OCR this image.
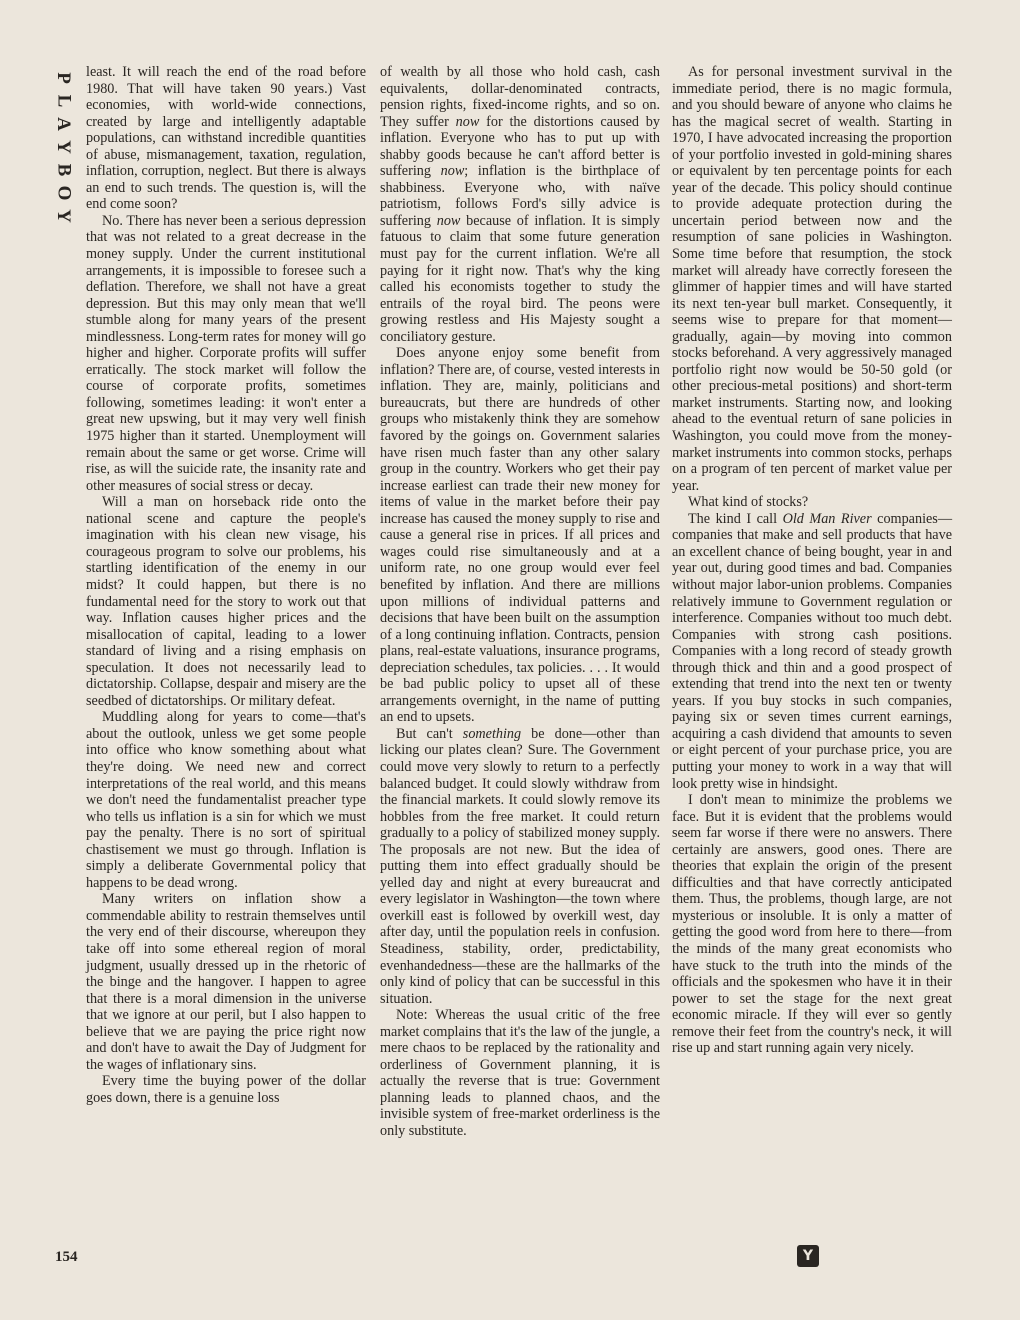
P
L
A
Y
B
O
Y

least. It will reach the end of the road before 1980. That will have taken 90 years.) Vast economies, with world-wide connections, created by large and intelligently adaptable populations, can withstand incredible quantities of abuse, mismanagement, taxation, regulation, inflation, corruption, neglect. But there is always an end to such trends. The question is, will the end come soon?

No. There has never been a serious depression that was not related to a great decrease in the money supply. Under the current institutional arrangements, it is impossible to foresee such a deflation. Therefore, we shall not have a great depression. But this may only mean that we'll stumble along for many years of the present mindlessness. Long-term rates for money will go higher and higher. Corporate profits will suffer erratically. The stock market will follow the course of corporate profits, sometimes following, sometimes leading: it won't enter a great new upswing, but it may very well finish 1975 higher than it started. Unemployment will remain about the same or get worse. Crime will rise, as will the suicide rate, the insanity rate and other measures of social stress or decay.

Will a man on horseback ride onto the national scene and capture the people's imagination with his clean new visage, his courageous program to solve our problems, his startling identification of the enemy in our midst? It could happen, but there is no fundamental need for the story to work out that way. Inflation causes higher prices and the misallocation of capital, leading to a lower standard of living and a rising emphasis on speculation. It does not necessarily lead to dictatorship. Collapse, despair and misery are the seedbed of dictatorships. Or military defeat.

Muddling along for years to come—that's about the outlook, unless we get some people into office who know something about what they're doing. We need new and correct interpretations of the real world, and this means we don't need the fundamentalist preacher type who tells us inflation is a sin for which we must pay the penalty. There is no sort of spiritual chastisement we must go through. Inflation is simply a deliberate Governmental policy that happens to be dead wrong.

Many writers on inflation show a commendable ability to restrain themselves until the very end of their discourse, whereupon they take off into some ethereal region of moral judgment, usually dressed up in the rhetoric of the binge and the hangover. I happen to agree that there is a moral dimension in the universe that we ignore at our peril, but I also happen to believe that we are paying the price right now and don't have to await the Day of Judgment for the wages of inflationary sins.

Every time the buying power of the dollar goes down, there is a genuine loss

of wealth by all those who hold cash, cash equivalents, dollar-denominated contracts, pension rights, fixed-income rights, and so on. They suffer now for the distortions caused by inflation. Everyone who has to put up with shabby goods because he can't afford better is suffering now; inflation is the birthplace of shabbiness. Everyone who, with naïve patriotism, follows Ford's silly advice is suffering now because of inflation. It is simply fatuous to claim that some future generation must pay for the current inflation. We're all paying for it right now. That's why the king called his economists together to study the entrails of the royal bird. The peons were growing restless and His Majesty sought a conciliatory gesture.

Does anyone enjoy some benefit from inflation? There are, of course, vested interests in inflation. They are, mainly, politicians and bureaucrats, but there are hundreds of other groups who mistakenly think they are somehow favored by the goings on. Government salaries have risen much faster than any other salary group in the country. Workers who get their pay increase earliest can trade their new money for items of value in the market before their pay increase has caused the money supply to rise and cause a general rise in prices. If all prices and wages could rise simultaneously and at a uniform rate, no one group would ever feel benefited by inflation. And there are millions upon millions of individual patterns and decisions that have been built on the assumption of a long continuing inflation. Contracts, pension plans, real-estate valuations, insurance programs, depreciation schedules, tax policies. . . . It would be bad public policy to upset all of these arrangements overnight, in the name of putting an end to upsets.

But can't something be done—other than licking our plates clean? Sure. The Government could move very slowly to return to a perfectly balanced budget. It could slowly withdraw from the financial markets. It could slowly remove its hobbles from the free market. It could return gradually to a policy of stabilized money supply. The proposals are not new. But the idea of putting them into effect gradually should be yelled day and night at every bureaucrat and every legislator in Washington—the town where overkill east is followed by overkill west, day after day, until the population reels in confusion. Steadiness, stability, order, predictability, evenhandedness—these are the hallmarks of the only kind of policy that can be successful in this situation.

Note: Whereas the usual critic of the free market complains that it's the law of the jungle, a mere chaos to be replaced by the rationality and orderliness of Government planning, it is actually the reverse that is true: Government planning leads to planned chaos, and the invisible system of free-market orderliness is the only substitute.

As for personal investment survival in the immediate period, there is no magic formula, and you should beware of anyone who claims he has the magical secret of wealth. Starting in 1970, I have advocated increasing the proportion of your portfolio invested in gold-mining shares or equivalent by ten percentage points for each year of the decade. This policy should continue to provide adequate protection during the uncertain period between now and the resumption of sane policies in Washington. Some time before that resumption, the stock market will already have correctly foreseen the glimmer of happier times and will have started its next ten-year bull market. Consequently, it seems wise to prepare for that moment—gradually, again—by moving into common stocks beforehand. A very aggressively managed portfolio right now would be 50-50 gold (or other precious-metal positions) and short-term market instruments. Starting now, and looking ahead to the eventual return of sane policies in Washington, you could move from the money-market instruments into common stocks, perhaps on a program of ten percent of market value per year.

What kind of stocks?

The kind I call Old Man River companies—companies that make and sell products that have an excellent chance of being bought, year in and year out, during good times and bad. Companies without major labor-union problems. Companies relatively immune to Government regulation or interference. Companies without too much debt. Companies with strong cash positions. Companies with a long record of steady growth through thick and thin and a good prospect of extending that trend into the next ten or twenty years. If you buy stocks in such companies, paying six or seven times current earnings, acquiring a cash dividend that amounts to seven or eight percent of your purchase price, you are putting your money to work in a way that will look pretty wise in hindsight.

I don't mean to minimize the problems we face. But it is evident that the problems would seem far worse if there were no answers. There certainly are answers, good ones. There are theories that explain the origin of the present difficulties and that have correctly anticipated them. Thus, the problems, though large, are not mysterious or insoluble. It is only a matter of getting the good word from here to there—from the minds of the many great economists who have stuck to the truth into the minds of the officials and the spokesmen who have it in their power to set the stage for the next great economic miracle. If they will ever so gently remove their feet from the country's neck, it will rise up and start running again very nicely.

154	Y
